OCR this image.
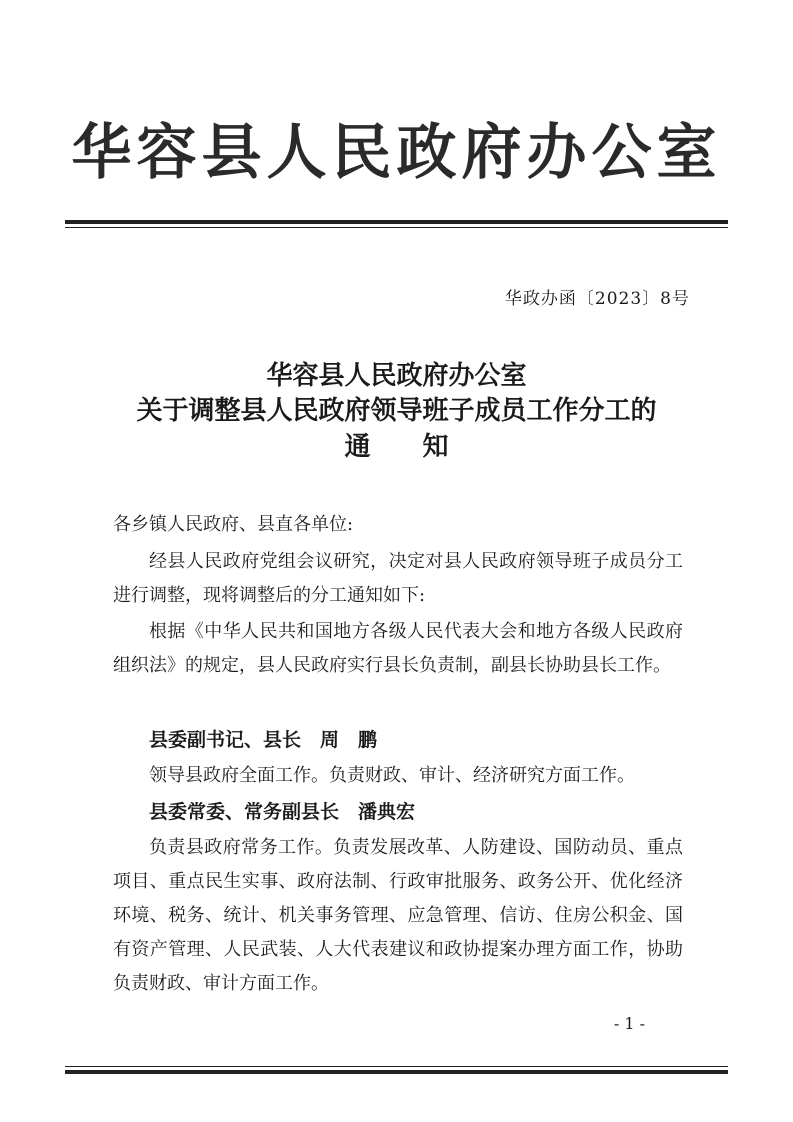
华容县人民政府办公室
华政办函〔2023〕8号
华容县人民政府办公室
关于调整县人民政府领导班子成员工作分工的
通　　知
各乡镇人民政府、县直各单位:
经县人民政府党组会议研究，决定对县人民政府领导班子成员分工进行调整，现将调整后的分工通知如下:
根据《中华人民共和国地方各级人民代表大会和地方各级人民政府组织法》的规定，县人民政府实行县长负责制，副县长协助县长工作。
县委副书记、县长　周　鹏
领导县政府全面工作。负责财政、审计、经济研究方面工作。
县委常委、常务副县长　潘典宏
负责县政府常务工作。负责发展改革、人防建设、国防动员、重点项目、重点民生实事、政府法制、行政审批服务、政务公开、优化经济环境、税务、统计、机关事务管理、应急管理、信访、住房公积金、国有资产管理、人民武装、人大代表建议和政协提案办理方面工作，协助负责财政、审计方面工作。
- 1 -
